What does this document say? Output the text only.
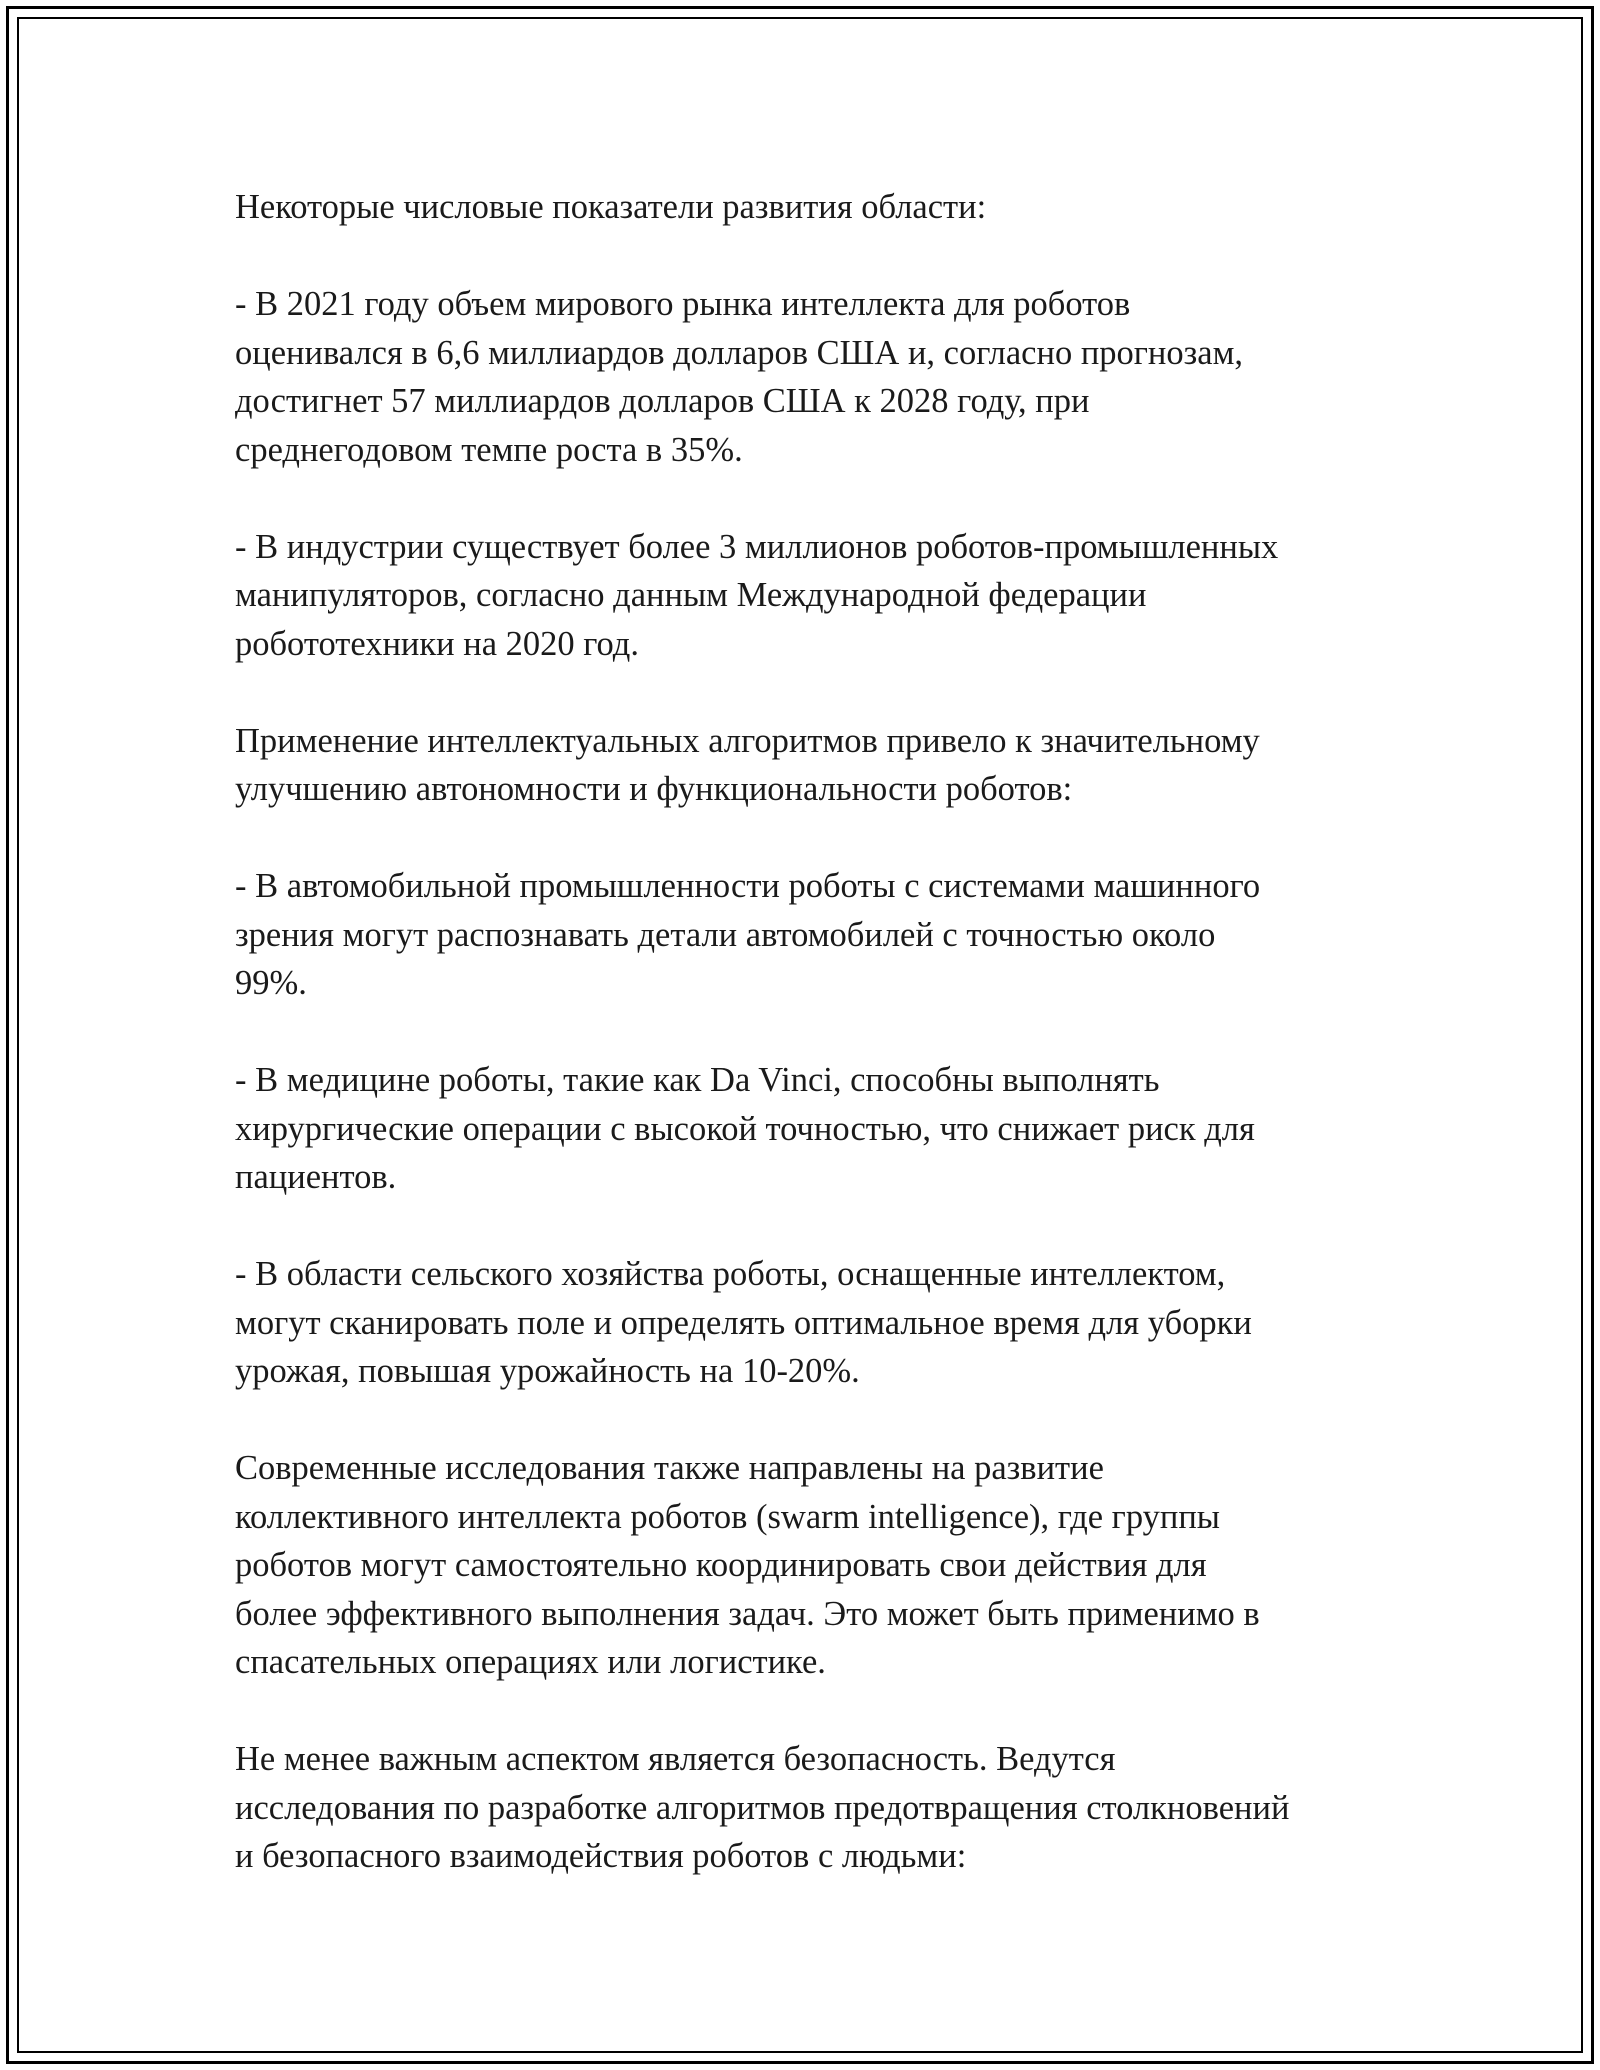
Некоторые числовые показатели развития области:

- В 2021 году объем мирового рынка интеллекта для роботов
оценивался в 6,6 миллиардов долларов США и, согласно прогнозам,
достигнет 57 миллиардов долларов США к 2028 году, при
среднегодовом темпе роста в 35%.

- В индустрии существует более 3 миллионов роботов-промышленных
манипуляторов, согласно данным Международной федерации
робототехники на 2020 год.

Применение интеллектуальных алгоритмов привело к значительному
улучшению автономности и функциональности роботов:

- В автомобильной промышленности роботы с системами машинного
зрения могут распознавать детали автомобилей с точностью около
99%.

- В медицине роботы, такие как Da Vinci, способны выполнять
хирургические операции с высокой точностью, что снижает риск для
пациентов.

- В области сельского хозяйства роботы, оснащенные интеллектом,
могут сканировать поле и определять оптимальное время для уборки
урожая, повышая урожайность на 10-20%.

Современные исследования также направлены на развитие
коллективного интеллекта роботов (swarm intelligence), где группы
роботов могут самостоятельно координировать свои действия для
более эффективного выполнения задач. Это может быть применимо в
спасательных операциях или логистике.

Не менее важным аспектом является безопасность. Ведутся
исследования по разработке алгоритмов предотвращения столкновений
и безопасного взаимодействия роботов с людьми:
